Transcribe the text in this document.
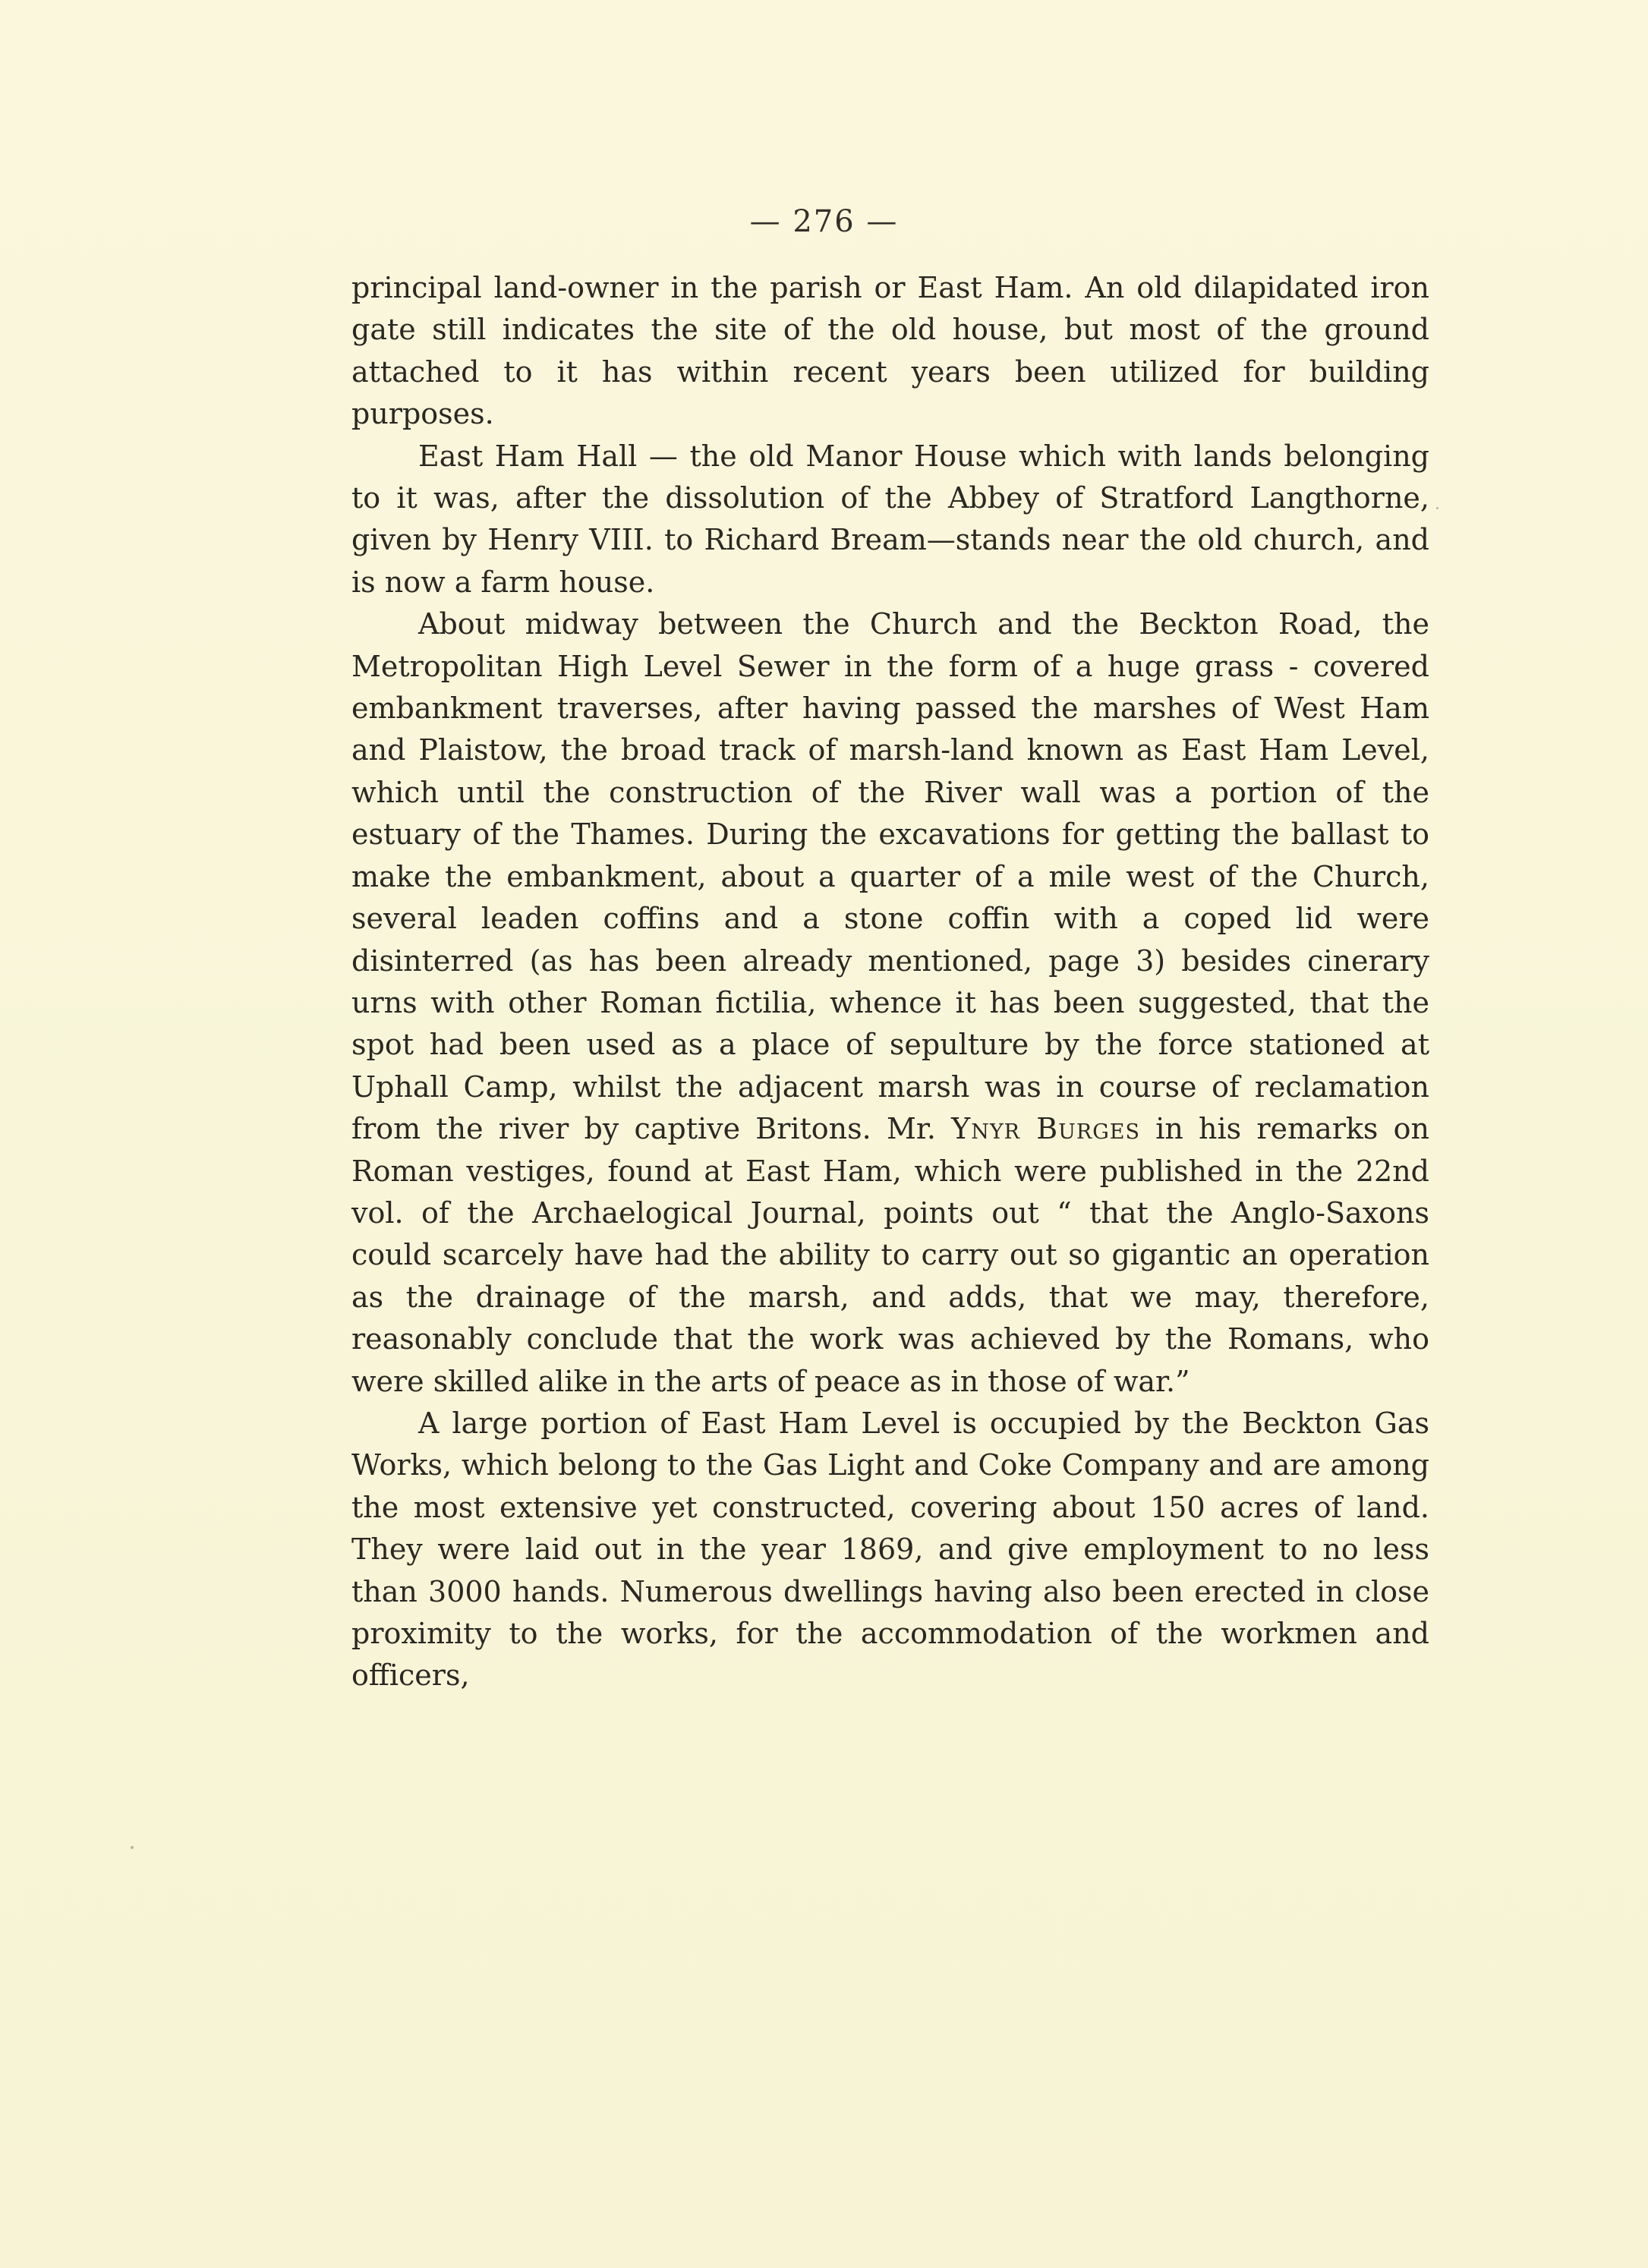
— 276 —

principal land-owner in the parish or East Ham. An old dilapidated iron gate still indicates the site of the old house, but most of the ground attached to it has within recent years been utilized for building purposes.

East Ham Hall — the old Manor House which with lands belonging to it was, after the dissolution of the Abbey of Stratford Langthorne, given by Henry VIII. to Richard Bream—stands near the old church, and is now a farm house.

About midway between the Church and the Beckton Road, the Metropolitan High Level Sewer in the form of a huge grass - covered embankment traverses, after having passed the marshes of West Ham and Plaistow, the broad track of marsh-land known as East Ham Level, which until the construction of the River wall was a portion of the estuary of the Thames. During the excavations for getting the ballast to make the embankment, about a quarter of a mile west of the Church, several leaden coffins and a stone coffin with a coped lid were disinterred (as has been already mentioned, page 3) besides cinerary urns with other Roman fictilia, whence it has been suggested, that the spot had been used as a place of sepulture by the force stationed at Uphall Camp, whilst the adjacent marsh was in course of reclamation from the river by captive Britons. Mr. Ynyr Burges in his remarks on Roman vestiges, found at East Ham, which were published in the 22nd vol. of the Archaelogical Journal, points out “ that the Anglo-Saxons could scarcely have had the ability to carry out so gigantic an operation as the drainage of the marsh, and adds, that we may, therefore, reasonably conclude that the work was achieved by the Romans, who were skilled alike in the arts of peace as in those of war.”

A large portion of East Ham Level is occupied by the Beckton Gas Works, which belong to the Gas Light and Coke Company and are among the most extensive yet constructed, covering about 150 acres of land. They were laid out in the year 1869, and give employment to no less than 3000 hands. Numerous dwellings having also been erected in close proximity to the works, for the accommodation of the workmen and officers,
